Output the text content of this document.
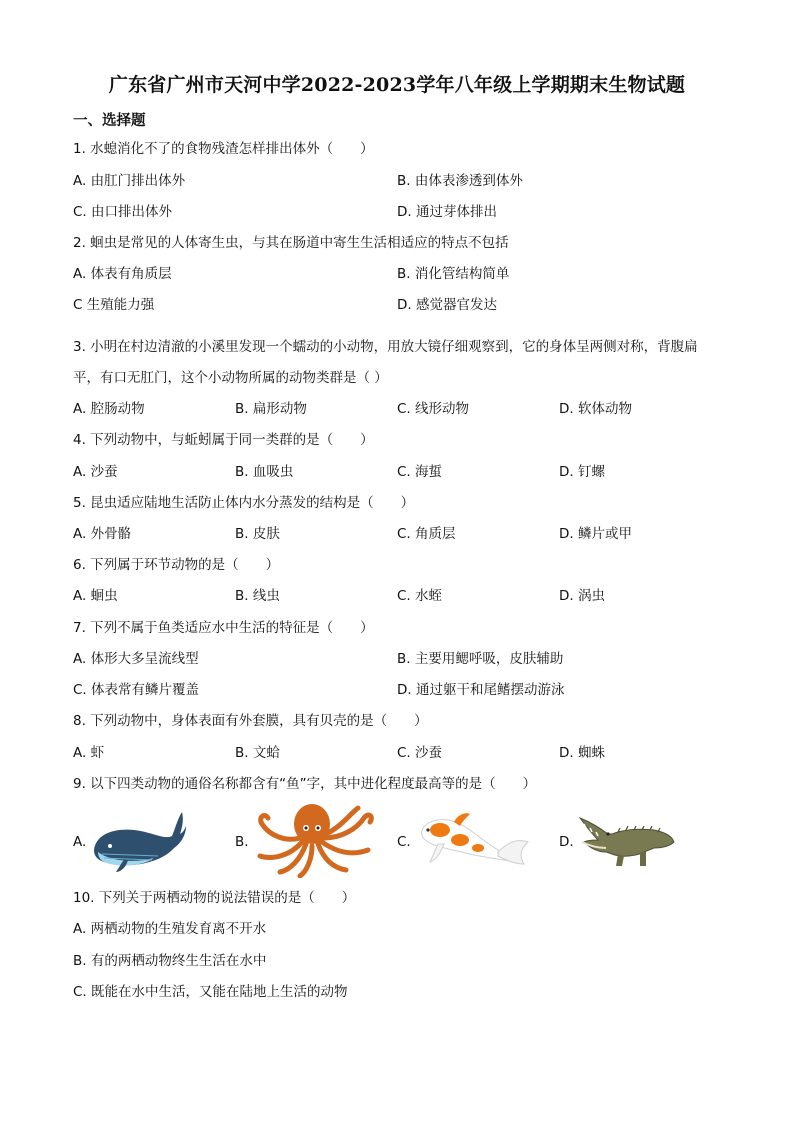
广东省广州市天河中学2022-2023学年八年级上学期期末生物试题
一、选择题
1. 水螅消化不了的食物残渣怎样排出体外（　　）
A. 由肛门排出体外	B. 由体表渗透到体外
C. 由口排出体外	D. 通过芽体排出
2. 蛔虫是常见的人体寄生虫，与其在肠道中寄生生活相适应的特点不包括
A. 体表有角质层	B. 消化管结构简单
C 生殖能力强	D. 感觉器官发达
3. 小明在村边清澈的小溪里发现一个蠕动的小动物，用放大镜仔细观察到，它的身体呈两侧对称，背腹扁
平，有口无肛门，这个小动物所属的动物类群是（ ）
A. 腔肠动物	B. 扁形动物	C. 线形动物	D. 软体动物
4. 下列动物中，与蚯蚓属于同一类群的是（　　）
A. 沙蚕	B. 血吸虫	C. 海蜇	D. 钉螺
5. 昆虫适应陆地生活防止体内水分蒸发的结构是（　　）
A. 外骨骼	B. 皮肤	C. 角质层	D. 鳞片或甲
6. 下列属于环节动物的是（　　）
A. 蛔虫	B. 线虫	C. 水蛭	D. 涡虫
7. 下列不属于鱼类适应水中生活的特征是（　　）
A. 体形大多呈流线型	B. 主要用鳃呼吸，皮肤辅助
C. 体表常有鳞片覆盖	D. 通过躯干和尾鳍摆动游泳
8. 下列动物中，身体表面有外套膜，具有贝壳的是（　　）
A. 虾	B. 文蛤	C. 沙蚕	D. 蜘蛛
9. 以下四类动物的通俗名称都含有“鱼”字，其中进化程度最高等的是（　　）
A.	B.	C.	D.
10. 下列关于两栖动物的说法错误的是（　　）
A. 两栖动物的生殖发育离不开水
B. 有的两栖动物终生生活在水中
C. 既能在水中生活，又能在陆地上生活的动物
